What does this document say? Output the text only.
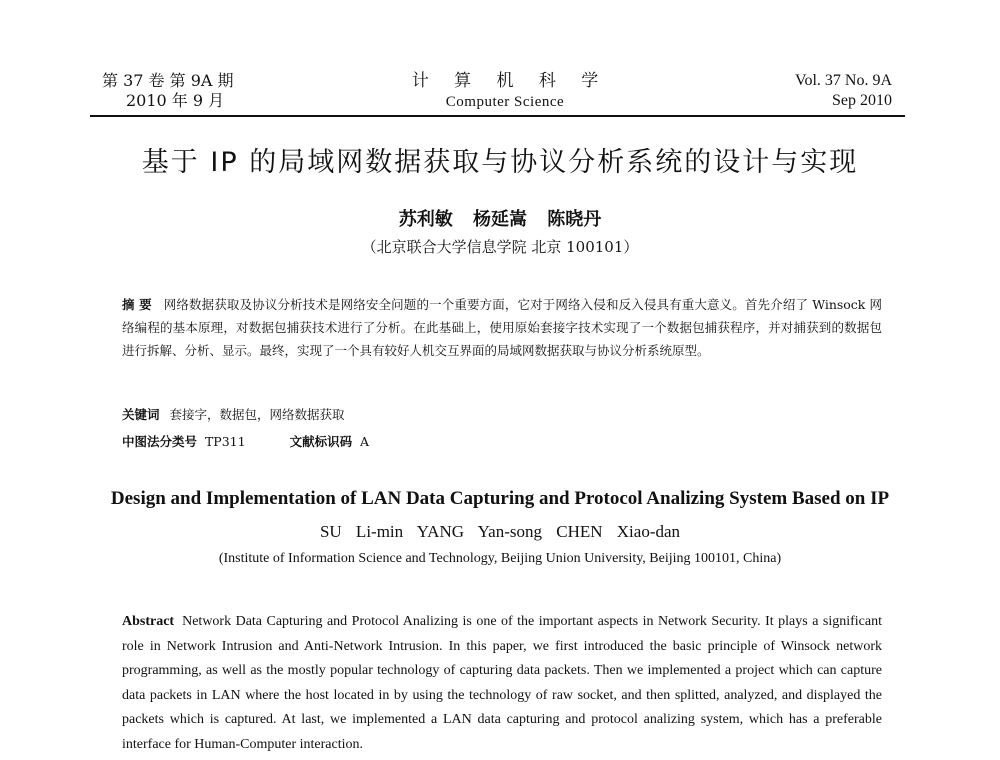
第 37 卷 第 9A 期
2010 年 9 月
计 算 机 科 学
Computer Science
Vol. 37 No. 9A
Sep 2010
基于 IP 的局域网数据获取与协议分析系统的设计与实现
苏利敏 杨延嵩 陈晓丹
（北京联合大学信息学院 北京 100101）
摘 要 网络数据获取及协议分析技术是网络安全问题的一个重要方面，它对于网络入侵和反入侵具有重大意义。首先介绍了 Winsock 网络编程的基本原理，对数据包捕获技术进行了分析。在此基础上，使用原始套接字技术实现了一个数据包捕获程序，并对捕获到的数据包进行拆解、分析、显示。最终，实现了一个具有较好人机交互界面的局域网数据获取与协议分析系统原型。
关键词 套接字，数据包，网络数据获取
中图法分类号 TP311	文献标识码 A
Design and Implementation of LAN Data Capturing and Protocol Analizing System Based on IP
SU Li-min YANG Yan-song CHEN Xiao-dan
(Institute of Information Science and Technology, Beijing Union University, Beijing 100101, China)
Abstract Network Data Capturing and Protocol Analizing is one of the important aspects in Network Security. It plays a significant role in Network Intrusion and Anti-Network Intrusion. In this paper, we first introduced the basic principle of Winsock network programming, as well as the mostly popular technology of capturing data packets. Then we implemented a project which can capture data packets in LAN where the host located in by using the technology of raw socket, and then splitted, analyzed, and displayed the packets which is captured. At last, we implemented a LAN data capturing and protocol analizing system, which has a preferable interface for Human-Computer interaction.
